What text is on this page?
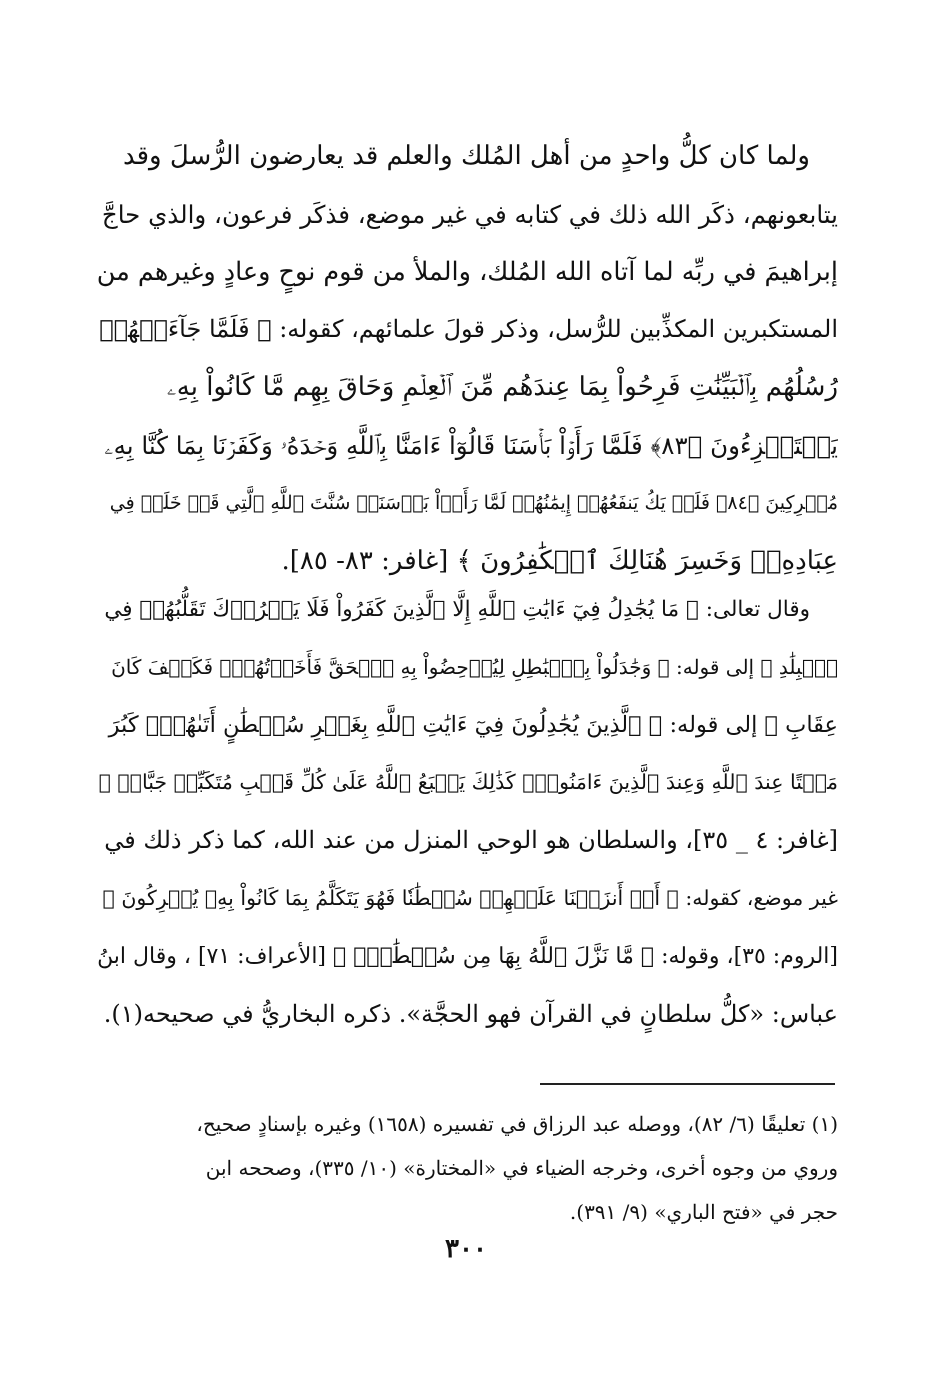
ولما كان كلُّ واحدٍ من أهل المُلك والعلم قد يعارضون الرُّسلَ وقد
يتابعونهم، ذكَر الله ذلك في كتابه في غير موضع، فذكَر فرعون، والذي حاجَّ
إبراهيمَ في ربِّه لما آتاه الله المُلك، والملأ من قوم نوحٍ وعادٍ وغيرهم من
المستكبرين المكذِّبين للرُّسل، وذكر قولَ علمائهم، كقوله: ﴿ فَلَمَّا جَآءَتۡهُمۡ
رُسُلُهُم بِٱلۡبَيِّنَٰتِ فَرِحُواْ بِمَا عِندَهُم مِّنَ ٱلۡعِلۡمِ وَحَاقَ بِهِم مَّا كَانُواْ بِهِۦ
يَسۡتَهۡزِءُونَ ﴿٨٣﴾ فَلَمَّا رَأَوۡاْ بَأۡسَنَا قَالُوٓاْ ءَامَنَّا بِٱللَّهِ وَحۡدَهُۥ وَكَفَرۡنَا بِمَا كُنَّا بِهِۦ
مُشۡرِكِينَ ﴿٨٤﴾ فَلَمۡ يَكُ يَنفَعُهُمۡ إِيمَٰنُهُمۡ لَمَّا رَأَوۡاْ بَأۡسَنَاۖ سُنَّتَ ٱللَّهِ ٱلَّتِي قَدۡ خَلَتۡ فِي
عِبَادِهِۦۖ وَخَسِرَ هُنَالِكَ ٱلۡكَٰفِرُونَ ﴾ [غافر: ٨٣- ٨٥].
وقال تعالى: ﴿ مَا يُجَٰدِلُ فِيٓ ءَايَٰتِ ٱللَّهِ إِلَّا ٱلَّذِينَ كَفَرُواْ فَلَا يَغۡرُرۡكَ تَقَلُّبُهُمۡ فِي
ٱلۡبِلَٰدِ ﴾ إلى قوله: ﴿ وَجَٰدَلُواْ بِٱلۡبَٰطِلِ لِيُدۡحِضُواْ بِهِ ٱلۡحَقَّ فَأَخَذۡتُهُمۡۖ فَكَيۡفَ كَانَ
عِقَابِ ﴾ إلى قوله: ﴿ ٱلَّذِينَ يُجَٰدِلُونَ فِيٓ ءَايَٰتِ ٱللَّهِ بِغَيۡرِ سُلۡطَٰنٍ أَتَىٰهُمۡۖ كَبُرَ
مَقۡتًا عِندَ ٱللَّهِ وَعِندَ ٱلَّذِينَ ءَامَنُواْۚ كَذَٰلِكَ يَطۡبَعُ ٱللَّهُ عَلَىٰ كُلِّ قَلۡبِ مُتَكَبِّرٖ جَبَّارٖ ﴾
[غافر: ٤ _ ٣٥]، والسلطان هو الوحي المنزل من عند الله، كما ذكر ذلك في
غير موضع، كقوله: ﴿ أَمۡ أَنزَلۡنَا عَلَيۡهِمۡ سُلۡطَٰنٗا فَهُوَ يَتَكَلَّمُ بِمَا كَانُواْ بِهِۦ يُشۡرِكُونَ ﴾
[الروم: ٣٥]، وقوله: ﴿ مَّا نَزَّلَ ٱللَّهُ بِهَا مِن سُلۡطَٰنٖۚ ﴾ [الأعراف: ٧١] ، وقال ابنُ
عباس: «كلُّ سلطانٍ في القرآن فهو الحجَّة». ذكره البخاريُّ في صحيحه(١).
(١) تعليقًا (٦/ ٨٢)، ووصله عبد الرزاق في تفسيره (١٦٥٨) وغيره بإسنادٍ صحيح،
وروي من وجوه أخرى، وخرجه الضياء في «المختارة» (١٠/ ٣٣٥)، وصححه ابن
حجر في «فتح الباري» (٩/ ٣٩١).
٣٠٠
